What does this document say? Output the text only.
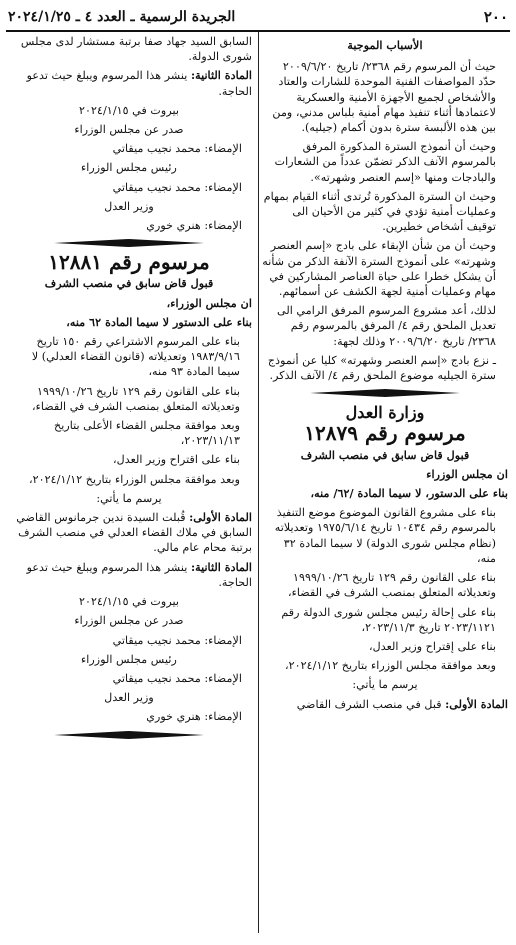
الجريدة الرسمية ـ العدد ٤ ـ ٢٠٢٤/١/٢٥	٢٠٠

الأسباب الموجبة

حيث أن المرسوم رقم ٢٣٦٨/ تاريخ ٢٠٠٩/٦/٢٠ حدّد المواصفات الفنية الموحدة للشارات والعتاد والأشخاص لجميع الأجهزة الأمنية والعسكرية لاعتمادها أثناء تنفيذ مهام أمنية بلباس مدني، ومن بين هذه الألبسة سترة بدون أكمام (جيليه).

وحيث أن أنموذج السترة المذكورة المرفق بالمرسوم الآنف الذكر تضمّن عدداً من الشعارات والبادجات ومنها «إسم العنصر وشهرته».

وحيث ان السترة المذكورة تُرتدى أثناء القيام بمهام وعمليات أمنية تؤدي في كثير من الأحيان الى توقيف أشخاص خطيرين.

وحيث أن من شأن الإبقاء على بادج «إسم العنصر وشهرته» على أنموذج السترة الآنفة الذكر من شأنه أن يشكل خطرا على حياة العناصر المشاركين في مهام وعمليات أمنية لجهة الكشف عن أسمائهم.

لذلك، أعد مشروع المرسوم المرفق الرامي الى تعديل الملحق رقم ٤/ المرفق بالمرسوم رقم ٢٣٦٨/ تاريخ ٢٠٠٩/٦/٢٠ وذلك لجهة:

ـ نزع بادج «إسم العنصر وشهرته» كليا عن أنموذج سترة الجيليه موضوع الملحق رقم ٤/ الآنف الذكر.

وزارة العدل

مرسوم رقم ١٢٨٧٩

قبول قاض سابق في منصب الشرف

ان مجلس الوزراء

بناء على الدستور، لا سيما المادة /٦٢/ منه،

بناء على مشروع القانون الموضوع موضع التنفيذ بالمرسوم رقم ١٠٤٣٤ تاريخ ١٩٧٥/٦/١٤ وتعديلاته (نظام مجلس شورى الدولة) لا سيما المادة ٣٢ منه،

بناء على القانون رقم ١٢٩ تاريخ ١٩٩٩/١٠/٢٦ وتعديلاته المتعلق بمنصب الشرف في القضاء،

بناء على إحالة رئيس مجلس شورى الدولة رقم ٢٠٢٣/١١٢١ تاريخ ٢٠٢٣/١١/٣،

بناء على إقتراح وزير العدل،

وبعد موافقة مجلس الوزراء بتاريخ ٢٠٢٤/١/١٢،

يرسم ما يأتي:

المادة الأولى: قبل في منصب الشرف القاضي

السابق السيد جهاد صفا برتبة مستشار لدى مجلس شورى الدولة.

المادة الثانية: ينشر هذا المرسوم ويبلغ حيث تدعو الحاجة.

بيروت في ٢٠٢٤/١/١٥

صدر عن مجلس الوزراء

الإمضاء: محمد نجيب ميقاتي

رئيس مجلس الوزراء

الإمضاء: محمد نجيب ميقاتي

وزير العدل

الإمضاء: هنري خوري

مرسوم رقم ١٢٨٨١

قبول قاض سابق في منصب الشرف

ان مجلس الوزراء،

بناء على الدستور لا سيما المادة ٦٢ منه،

بناء على المرسوم الاشتراعي رقم ١٥٠ تاريخ ١٩٨٣/٩/١٦ وتعديلاته (قانون القضاء العدلي) لا سيما المادة ٩٣ منه،

بناء على القانون رقم ١٢٩ تاريخ ١٩٩٩/١٠/٢٦ وتعديلاته المتعلق بمنصب الشرف في القضاء،

وبعد موافقة مجلس القضاء الأعلى بتاريخ ٢٠٢٣/١١/١٣،

بناء على اقتراح وزير العدل،

وبعد موافقة مجلس الوزراء بتاريخ ٢٠٢٤/١/١٢،

يرسم ما يأتي:

المادة الأولى: قُبلت السيدة ندين جرمانوس القاضي السابق في ملاك القضاء العدلي في منصب الشرف برتبة محام عام مالي.

المادة الثانية: ينشر هذا المرسوم ويبلغ حيث تدعو الحاجة.

بيروت في ٢٠٢٤/١/١٥

صدر عن مجلس الوزراء

الإمضاء: محمد نجيب ميقاتي

رئيس مجلس الوزراء

الإمضاء: محمد نجيب ميقاتي

وزير العدل

الإمضاء: هنري خوري
